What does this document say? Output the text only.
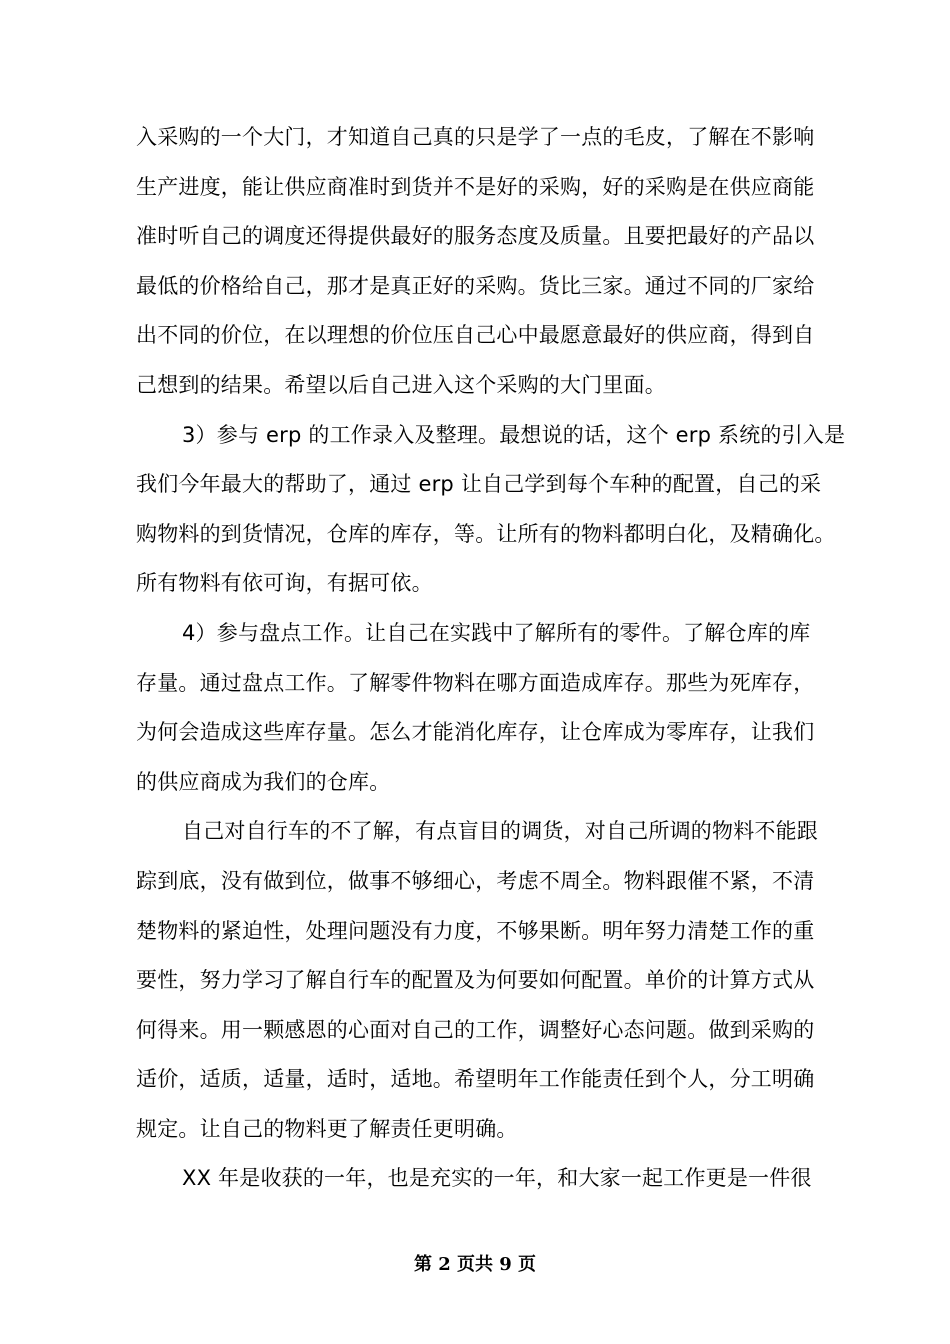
入采购的一个大门，才知道自己真的只是学了一点的毛皮，了解在不影响
生产进度，能让供应商准时到货并不是好的采购，好的采购是在供应商能
准时听自己的调度还得提供最好的服务态度及质量。且要把最好的产品以
最低的价格给自己，那才是真正好的采购。货比三家。通过不同的厂家给
出不同的价位，在以理想的价位压自己心中最愿意最好的供应商，得到自
己想到的结果。希望以后自己进入这个采购的大门里面。
3）参与 erp 的工作录入及整理。最想说的话，这个 erp 系统的引入是
我们今年最大的帮助了，通过 erp 让自己学到每个车种的配置，自己的采
购物料的到货情况，仓库的库存，等。让所有的物料都明白化，及精确化。
所有物料有依可询，有据可依。
4）参与盘点工作。让自己在实践中了解所有的零件。了解仓库的库
存量。通过盘点工作。了解零件物料在哪方面造成库存。那些为死库存，
为何会造成这些库存量。怎么才能消化库存，让仓库成为零库存，让我们
的供应商成为我们的仓库。
自己对自行车的不了解，有点盲目的调货，对自己所调的物料不能跟
踪到底，没有做到位，做事不够细心，考虑不周全。物料跟催不紧，不清
楚物料的紧迫性，处理问题没有力度，不够果断。明年努力清楚工作的重
要性，努力学习了解自行车的配置及为何要如何配置。单价的计算方式从
何得来。用一颗感恩的心面对自己的工作，调整好心态问题。做到采购的
适价，适质，适量，适时，适地。希望明年工作能责任到个人，分工明确
规定。让自己的物料更了解责任更明确。
XX 年是收获的一年，也是充实的一年，和大家一起工作更是一件很
第 2 页共 9 页
